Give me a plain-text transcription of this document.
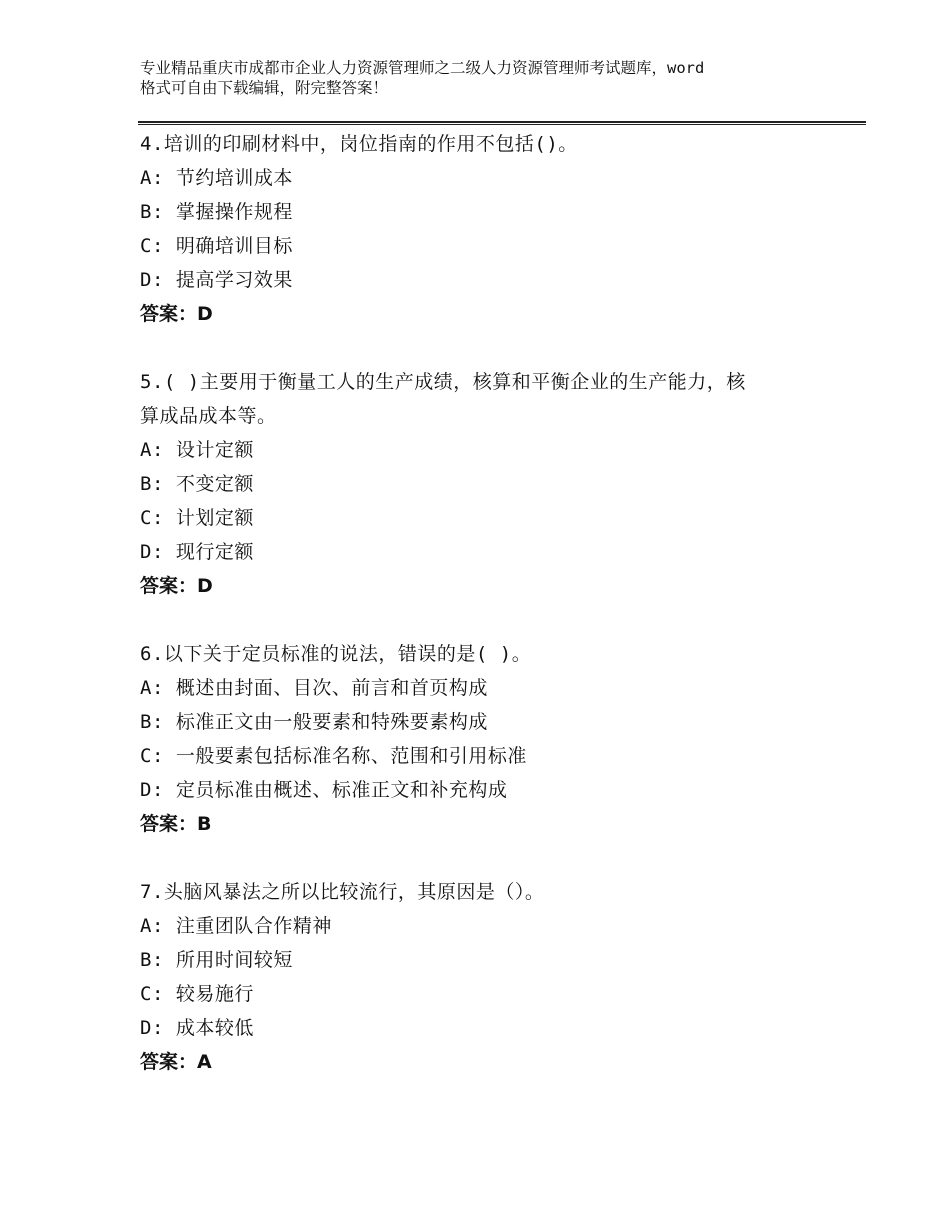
专业精品重庆市成都市企业人力资源管理师之二级人力资源管理师考试题库，word
格式可自由下载编辑，附完整答案！
4.培训的印刷材料中，岗位指南的作用不包括()。
A: 节约培训成本
B: 掌握操作规程
C: 明确培训目标
D: 提高学习效果
答案：D
5.( )主要用于衡量工人的生产成绩，核算和平衡企业的生产能力，核
算成品成本等。
A: 设计定额
B: 不变定额
C: 计划定额
D: 现行定额
答案：D
6.以下关于定员标准的说法，错误的是( )。
A: 概述由封面、目次、前言和首页构成
B: 标准正文由一般要素和特殊要素构成
C: 一般要素包括标准名称、范围和引用标准
D: 定员标准由概述、标准正文和补充构成
答案：B
7.头脑风暴法之所以比较流行，其原因是（）。
A: 注重团队合作精神
B: 所用时间较短
C: 较易施行
D: 成本较低
答案：A
